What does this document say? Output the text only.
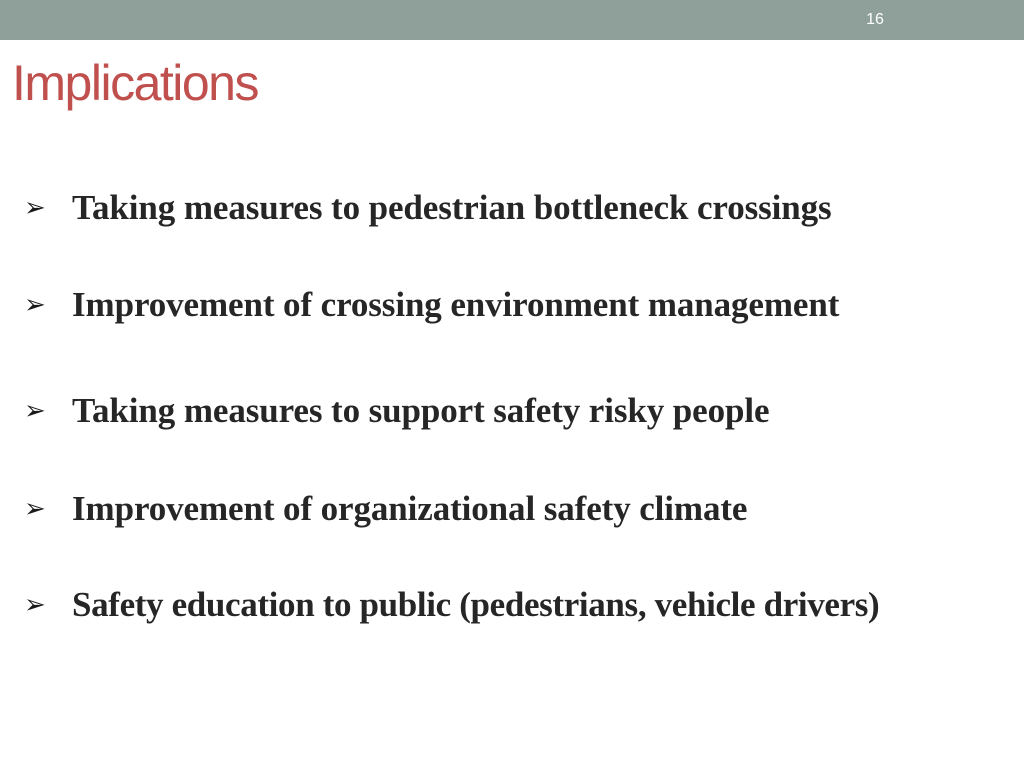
16
Implications
➢ Taking measures to pedestrian bottleneck crossings
➢ Improvement of crossing environment management
➢ Taking measures to support safety risky people
➢ Improvement of organizational safety climate
➢ Safety education to public (pedestrians, vehicle drivers)
